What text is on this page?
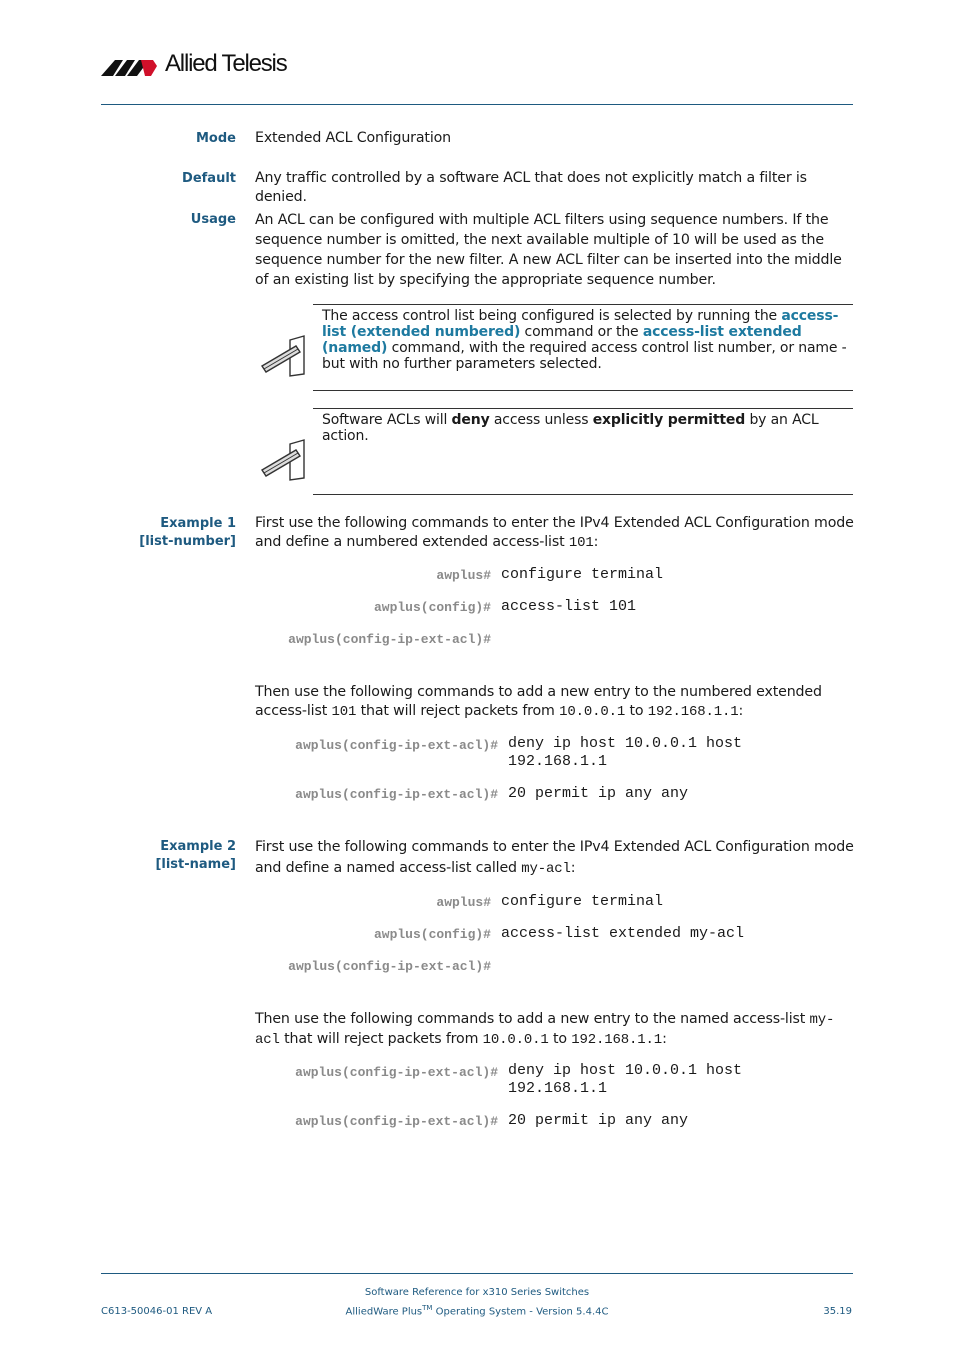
Allied Telesis
Mode Extended ACL Configuration
Default Any traffic controlled by a software ACL that does not explicitly match a filter is denied.
Usage An ACL can be configured with multiple ACL filters using sequence numbers. If the sequence number is omitted, the next available multiple of 10 will be used as the sequence number for the new filter. A new ACL filter can be inserted into the middle of an existing list by specifying the appropriate sequence number.
The access control list being configured is selected by running the access-list (extended numbered) command or the access-list extended (named) command, with the required access control list number, or name - but with no further parameters selected.
Software ACLs will deny access unless explicitly permitted by an ACL action.
Example 1
[list-number]
First use the following commands to enter the IPv4 Extended ACL Configuration mode and define a numbered extended access-list 101:
awplus# configure terminal
awplus(config)# access-list 101
awplus(config-ip-ext-acl)#
Then use the following commands to add a new entry to the numbered extended access-list 101 that will reject packets from 10.0.0.1 to 192.168.1.1:
awplus(config-ip-ext-acl)# deny ip host 10.0.0.1 host
192.168.1.1
awplus(config-ip-ext-acl)# 20 permit ip any any
Example 2
[list-name]
First use the following commands to enter the IPv4 Extended ACL Configuration mode and define a named access-list called my-acl:
awplus# configure terminal
awplus(config)# access-list extended my-acl
awplus(config-ip-ext-acl)#
Then use the following commands to add a new entry to the named access-list my-acl that will reject packets from 10.0.0.1 to 192.168.1.1:
awplus(config-ip-ext-acl)# deny ip host 10.0.0.1 host
192.168.1.1
awplus(config-ip-ext-acl)# 20 permit ip any any
Software Reference for x310 Series Switches
C613-50046-01 REV A	AlliedWare Plus™ Operating System - Version 5.4.4C	35.19
